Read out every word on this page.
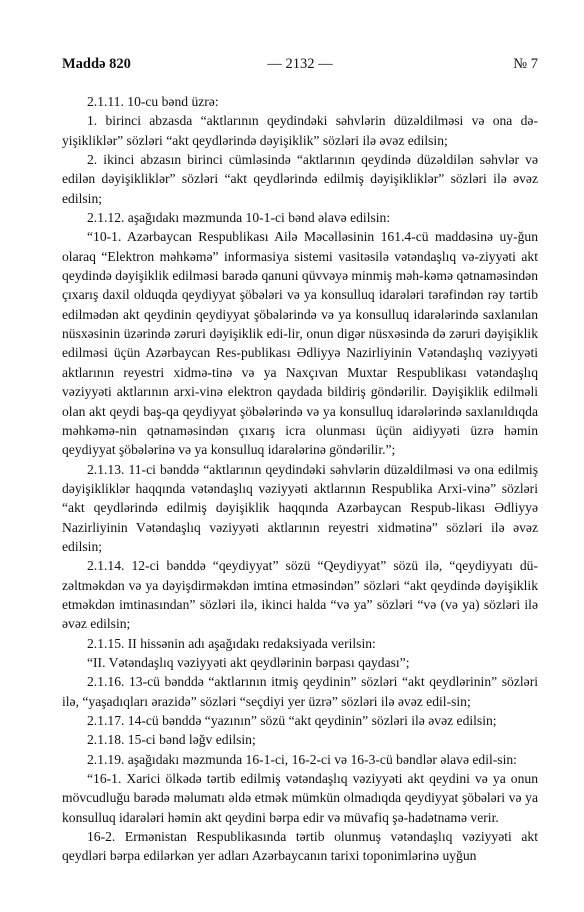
Maddə 820	— 2132 —	№ 7

2.1.11. 10-cu bənd üzrə:

1. birinci abzasda “aktlarının qeydindəki səhvlərin düzəldilməsi və ona də-yişikliklər” sözləri “akt qeydlərində dəyişiklik” sözləri ilə əvəz edilsin;

2. ikinci abzasın birinci cümləsində “aktlarının qeydində düzəldilən səhvlər və edilən dəyişikliklər” sözləri “akt qeydlərində edilmiş dəyişikliklər” sözləri ilə əvəz edilsin;

2.1.12. aşağıdakı məzmunda 10-1-ci bənd əlavə edilsin:

“10-1. Azərbaycan Respublikası Ailə Məcəlləsinin 161.4-cü maddəsinə uy-ğun olaraq “Elektron məhkəmə” informasiya sistemi vasitəsilə vətəndaşlıq və-ziyyəti akt qeydində dəyişiklik edilməsi barədə qanuni qüvvəyə minmiş məh-kəmə qətnaməsindən çıxarış daxil olduqda qeydiyyat şöbələri və ya konsulluq idarələri tərəfindən rəy tərtib edilmədən akt qeydinin qeydiyyat şöbələrində və ya konsulluq idarələrində saxlanılan nüsxəsinin üzərində zəruri dəyişiklik edi-lir, onun digər nüsxəsində də zəruri dəyişiklik edilməsi üçün Azərbaycan Res-publikası Ədliyyə Nazirliyinin Vətəndaşlıq vəziyyəti aktlarının reyestri xidmə-tinə və ya Naxçıvan Muxtar Respublikası vətəndaşlıq vəziyyəti aktlarının arxi-vinə elektron qaydada bildiriş göndərilir. Dəyişiklik edilməli olan akt qeydi baş-qa qeydiyyat şöbələrində və ya konsulluq idarələrində saxlanıldıqda məhkəmə-nin qətnaməsindən çıxarış icra olunması üçün aidiyyəti üzrə həmin qeydiyyat şöbələrinə və ya konsulluq idarələrinə göndərilir.”;

2.1.13. 11-ci bənddə “aktlarının qeydindəki səhvlərin düzəldilməsi və ona edilmiş dəyişikliklər haqqında vətəndaşlıq vəziyyəti aktlarının Respublika Arxi-vinə” sözləri “akt qeydlərində edilmiş dəyişiklik haqqında Azərbaycan Respub-likası Ədliyyə Nazirliyinin Vətəndaşlıq vəziyyəti aktlarının reyestri xidmətinə” sözləri ilə əvəz edilsin;

2.1.14. 12-ci bənddə “qeydiyyat” sözü “Qeydiyyat” sözü ilə, “qeydiyyatı dü-zəltməkdən və ya dəyişdirməkdən imtina etməsindən” sözləri “akt qeydində dəyişiklik etməkdən imtinasından” sözləri ilə, ikinci halda “və ya” sözləri “və (və ya) sözləri ilə əvəz edilsin;

2.1.15. II hissənin adı aşağıdakı redaksiyada verilsin:

“II. Vətəndaşlıq vəziyyəti akt qeydlərinin bərpası qaydası”;

2.1.16. 13-cü bənddə “aktlarının itmiş qeydinin” sözləri “akt qeydlərinin” sözləri ilə, “yaşadıqları ərazidə” sözləri “seçdiyi yer üzrə” sözləri ilə əvəz edil-sin;

2.1.17. 14-cü bənddə “yazının” sözü “akt qeydinin” sözləri ilə əvəz edilsin;

2.1.18. 15-ci bənd ləğv edilsin;

2.1.19. aşağıdakı məzmunda 16-1-ci, 16-2-ci və 16-3-cü bəndlər əlavə edil-sin:

“16-1. Xarici ölkədə tərtib edilmiş vətəndaşlıq vəziyyəti akt qeydini və ya onun mövcudluğu barədə məlumatı əldə etmək mümkün olmadıqda qeydiyyat şöbələri və ya konsulluq idarələri həmin akt qeydini bərpa edir və müvafiq şə-hadətnamə verir.

16-2. Ermənistan Respublikasında tərtib olunmuş vətəndaşlıq vəziyyəti akt qeydləri bərpa edilərkən yer adları Azərbaycanın tarixi toponimlərinə uyğun
